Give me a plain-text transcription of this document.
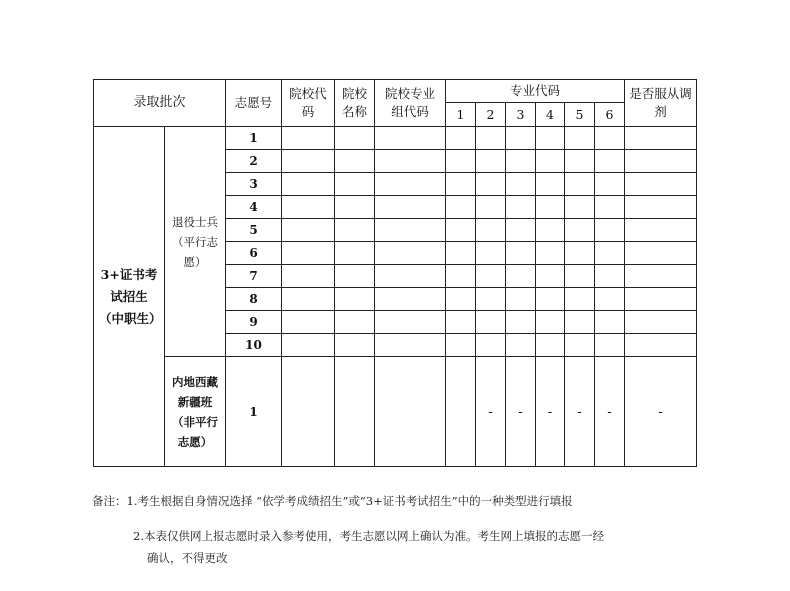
录取批次		志愿号	院校代码	院校名称	院校专业组代码	专业代码						是否服从调剂

						1	2	3	4	5	6	

3+证书考试招生（中职生）	退役士兵（平行志愿）	1										
		2										
		3										
		4										
		5										
		6										
		7										
		8										
		9										
		10										

	内地西藏新疆班（非平行志愿）	1					-	-	-	-	-	-
备注：1.考生根据自身情况选择 “依学考成绩招生”或“3+证书考试招生”中的一种类型进行填报
2.本表仅供网上报志愿时录入参考使用，考生志愿以网上确认为准。考生网上填报的志愿一经
确认，不得更改
